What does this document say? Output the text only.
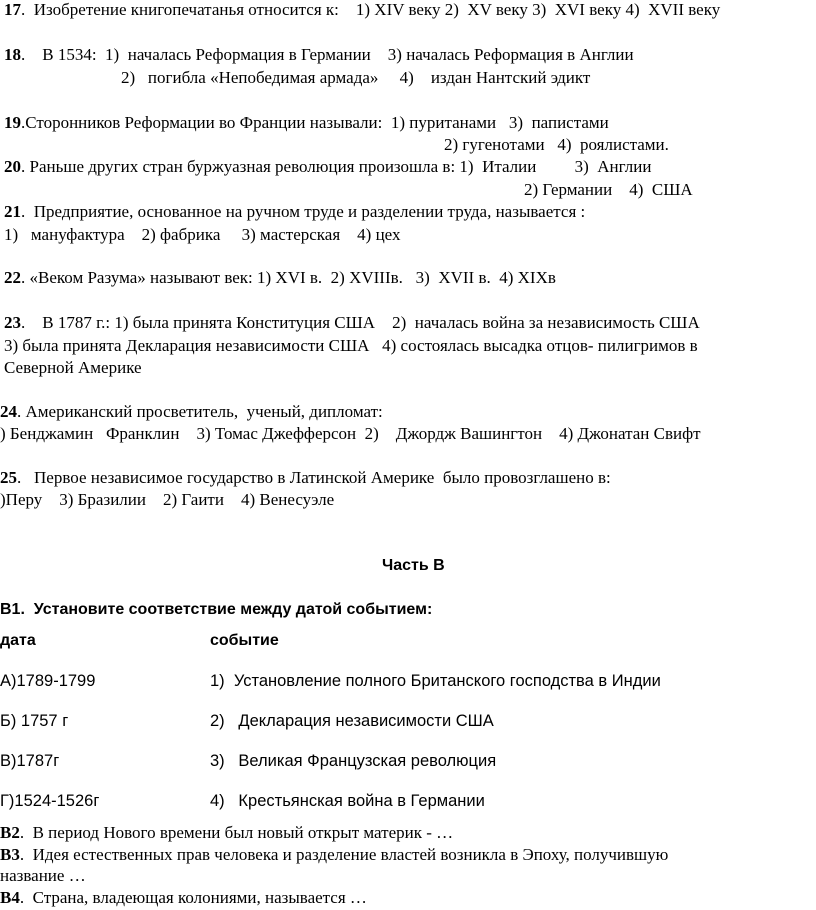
17.  Изобретение книгопечатанья относится к:    1) XIV веку 2)  XV веку 3)  XVI веку 4)  XVII веку
18.    В 1534:  1)  началась Реформация в Германии    3) началась Реформация в Англии
2)   погибла «Непобедимая армада»     4)    издан Нантский эдикт
19.Сторонников Реформации во Франции называли:  1) пуританами   3)  папистами
2) гугенотами   4)  роялистами.
20. Раньше других стран буржуазная революция произошла в: 1)  Италии         3)  Англии
2) Германии    4)  США
21.  Предприятие, основанное на ручном труде и разделении труда, называется :
1)   мануфактура    2) фабрика     3) мастерская    4) цех
22. «Веком Разума» называют век: 1) XVI в.  2) XVIIIв.   3)  XVII в.  4) XIXв
23.    В 1787 г.: 1) была принята Конституция США    2)  началась война за независимость США
3) была принята Декларация независимости США   4) состоялась высадка отцов- пилигримов в
Северной Америке
24. Американский просветитель,  ученый, дипломат:
) Бенджамин   Франклин    3) Томас Джефферсон  2)    Джордж Вашингтон    4) Джонатан Свифт
25.   Первое независимое государство в Латинской Америке  было провозглашено в:
)Перу    3) Бразилии    2) Гаити    4) Венесуэле
Часть В
В1.  Установите соответствие между датой событием:
дата	событие
А)1789-1799	1)  Установление полного Британского господства в Индии
Б) 1757 г	2)   Декларация независимости США
В)1787г	3)   Великая Французская революция
Г)1524-1526г	4)   Крестьянская война в Германии
В2.  В период Нового времени был новый открыт материк - …
В3.  Идея естественных прав человека и разделение властей возникла в Эпоху, получившую
название …
В4.  Страна, владеющая колониями, называется …
